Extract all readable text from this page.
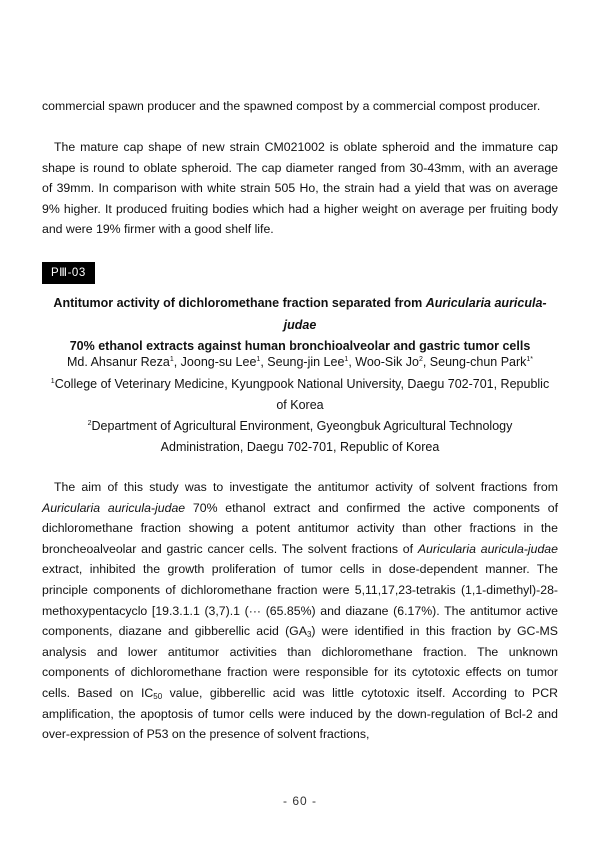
commercial spawn producer and the spawned compost by a commercial compost producer.

The mature cap shape of new strain CM021002 is oblate spheroid and the immature cap shape is round to oblate spheroid. The cap diameter ranged from 30-43mm, with an average of 39mm. In comparison with white strain 505 Ho, the strain had a yield that was on average 9% higher. It produced fruiting bodies which had a higher weight on average per fruiting body and were 19% firmer with a good shelf life.

PⅢ-03

Antitumor activity of dichloromethane fraction separated from Auricularia auricula-judae
70% ethanol extracts against human bronchioalveolar and gastric tumor cells

Md. Ahsanur Reza$^1$, Joong-su Lee$^1$, Seung-jin Lee$^1$, Woo-Sik Jo$^2$, Seung-chun Park$^{1*}$

$^1$College of Veterinary Medicine, Kyungpook National University, Daegu 702-701, Republic
of Korea

$^2$Department of Agricultural Environment, Gyeongbuk Agricultural Technology
Administration, Daegu 702-701, Republic of Korea

The aim of this study was to investigate the antitumor activity of solvent fractions from Auricularia auricula-judae 70% ethanol extract and confirmed the active components of dichloromethane fraction showing a potent antitumor activity than other fractions in the broncheoalveolar and gastric cancer cells. The solvent fractions of Auricularia auricula-judae extract, inhibited the growth proliferation of tumor cells in dose-dependent manner. The principle components of dichloromethane fraction were 5,11,17,23-tetrakis (1,1-dimethyl)-28-methoxypentacyclo [19.3.1.1 (3,7).1 (··· (65.85%) and diazane (6.17%). The antitumor active components, diazane and gibberellic acid $(GA_3)$ were identified in this fraction by GC-MS analysis and lower antitumor activities than dichloromethane fraction. The unknown components of dichloromethane fraction were responsible for its cytotoxic effects on tumor cells. Based on $IC_{50}$ value, gibberellic acid was little cytotoxic itself. According to PCR amplification, the apoptosis of tumor cells were induced by the down-regulation of Bcl-2 and over-expression of P53 on the presence of solvent fractions,

- 60 -
